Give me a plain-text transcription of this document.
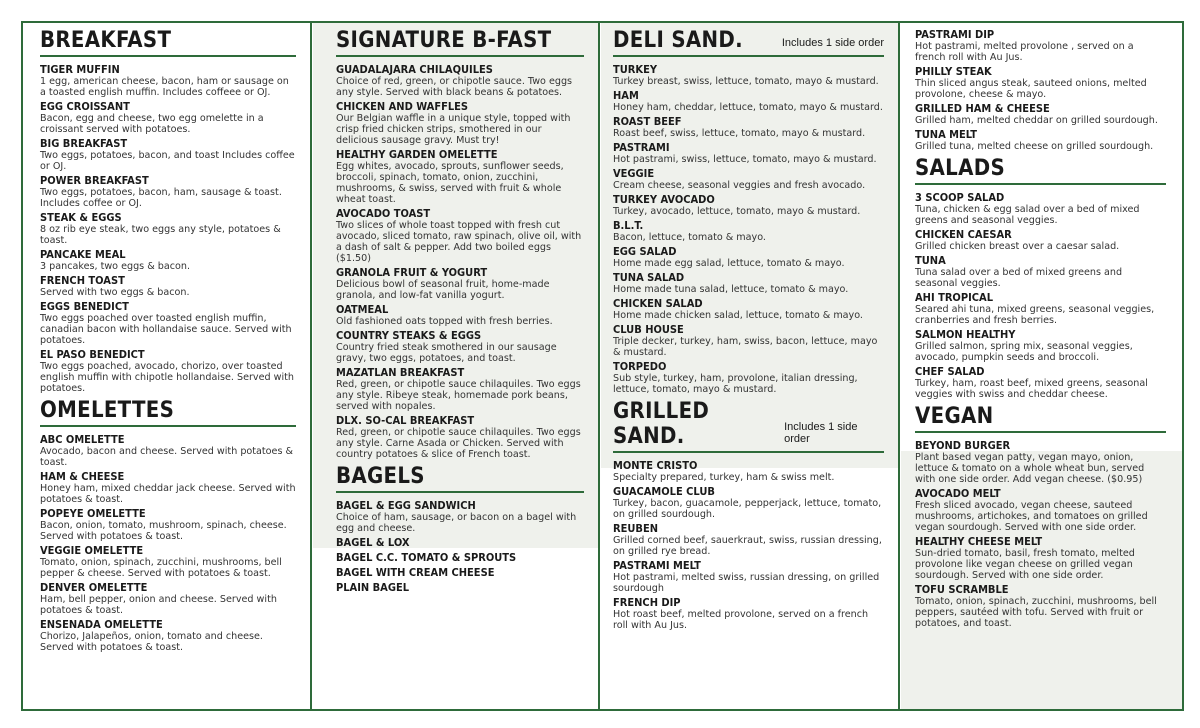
BREAKFAST
TIGER MUFFIN
1 egg, american cheese, bacon, ham or sausage on a toasted english muffin. Includes coffeee or OJ.
EGG CROISSANT
Bacon, egg and cheese, two egg omelette in a croissant served with potatoes.
BIG BREAKFAST
Two eggs, potatoes, bacon, and toast Includes coffee or OJ.
POWER BREAKFAST
Two eggs, potatoes, bacon, ham, sausage & toast. Includes coffee or OJ.
STEAK & EGGS
8 oz rib eye steak, two eggs any style, potatoes & toast.
PANCAKE MEAL
3 pancakes, two eggs & bacon.
FRENCH TOAST
Served with two eggs & bacon.
EGGS BENEDICT
Two eggs poached over toasted english muffin, canadian bacon with hollandaise sauce. Served with potatoes.
EL PASO BENEDICT
Two eggs poached, avocado, chorizo, over toasted english muffin with chipotle hollandaise. Served with potatoes.
OMELETTES
ABC OMELETTE
Avocado, bacon and cheese. Served with potatoes & toast.
HAM & CHEESE
Honey ham, mixed cheddar jack cheese. Served with potatoes & toast.
POPEYE OMELETTE
Bacon, onion, tomato, mushroom, spinach, cheese. Served with potatoes & toast.
VEGGIE OMELETTE
Tomato, onion, spinach, zucchini, mushrooms, bell pepper & cheese. Served with potatoes & toast.
DENVER OMELETTE
Ham, bell pepper, onion and cheese. Served with potatoes & toast.
ENSENADA OMELETTE
Chorizo, Jalapeños, onion, tomato and cheese. Served with potatoes & toast.
SIGNATURE B-FAST
GUADALAJARA CHILAQUILES
Choice of red, green, or chipotle sauce. Two eggs any style. Served with black beans & potatoes.
CHICKEN AND WAFFLES
Our Belgian waffle in a unique style, topped with crisp fried chicken strips, smothered in our delicious sausage gravy. Must try!
HEALTHY GARDEN OMELETTE
Egg whites, avocado, sprouts, sunflower seeds, broccoli, spinach, tomato, onion, zucchini, mushrooms, & swiss, served with fruit & whole wheat toast.
AVOCADO TOAST
Two slices of whole toast topped with fresh cut avocado, sliced tomato, raw spinach, olive oil, with a dash of salt & pepper. Add two boiled eggs ($1.50)
GRANOLA FRUIT & YOGURT
Delicious bowl of seasonal fruit, home-made granola, and low-fat vanilla yogurt.
OATMEAL
Old fashioned oats topped with fresh berries.
COUNTRY STEAKS & EGGS
Country fried steak smothered in our sausage gravy, two eggs, potatoes, and toast.
MAZATLAN BREAKFAST
Red, green, or chipotle sauce chilaquiles. Two eggs any style. Ribeye steak, homemade pork beans, served with nopales.
DLX. SO-CAL BREAKFAST
Red, green, or chipotle sauce chilaquiles. Two eggs any style. Carne Asada or Chicken. Served with country potatoes & slice of French toast.
BAGELS
BAGEL & EGG SANDWICH
Choice of ham, sausage, or bacon on a bagel with egg and cheese.
BAGEL & LOX
BAGEL C.C. TOMATO & SPROUTS
BAGEL WITH CREAM CHEESE
PLAIN BAGEL
DELI SAND.	Includes 1 side order
TURKEY
Turkey breast, swiss, lettuce, tomato, mayo & mustard.
HAM
Honey ham, cheddar, lettuce, tomato, mayo & mustard.
ROAST BEEF
Roast beef, swiss, lettuce, tomato, mayo & mustard.
PASTRAMI
Hot pastrami, swiss, lettuce, tomato, mayo & mustard.
VEGGIE
Cream cheese, seasonal veggies and fresh avocado.
TURKEY AVOCADO
Turkey, avocado, lettuce, tomato, mayo & mustard.
B.L.T.
Bacon, lettuce, tomato & mayo.
EGG SALAD
Home made egg salad, lettuce, tomato & mayo.
TUNA SALAD
Home made tuna salad, lettuce, tomato & mayo.
CHICKEN SALAD
Home made chicken salad, lettuce, tomato & mayo.
CLUB HOUSE
Triple decker, turkey, ham, swiss, bacon, lettuce, mayo & mustard.
TORPEDO
Sub style, turkey, ham, provolone, italian dressing, lettuce, tomato, mayo & mustard.
GRILLED SAND.	Includes 1 side order
MONTE CRISTO
Specialty prepared, turkey, ham & swiss melt.
GUACAMOLE CLUB
Turkey, bacon, guacamole, pepperjack, lettuce, tomato, on grilled sourdough.
REUBEN
Grilled corned beef, sauerkraut, swiss, russian dressing, on grilled rye bread.
PASTRAMI MELT
Hot pastrami, melted swiss, russian dressing, on grilled sourdough
FRENCH DIP
Hot roast beef, melted provolone, served on a french roll with Au Jus.
PASTRAMI DIP
Hot pastrami, melted provolone , served on a french roll with Au Jus.
PHILLY STEAK
Thin sliced angus steak, sauteed onions, melted provolone, cheese & mayo.
GRILLED HAM & CHEESE
Grilled ham, melted cheddar on grilled sourdough.
TUNA MELT
Grilled tuna, melted cheese on grilled sourdough.
SALADS
3 SCOOP SALAD
Tuna, chicken & egg salad over a bed of mixed greens and seasonal veggies.
CHICKEN CAESAR
Grilled chicken breast over a caesar salad.
TUNA
Tuna salad over a bed of mixed greens and seasonal veggies.
AHI TROPICAL
Seared ahi tuna, mixed greens, seasonal veggies, cranberries and fresh berries.
SALMON HEALTHY
Grilled salmon, spring mix, seasonal veggies, avocado, pumpkin seeds and broccoli.
CHEF SALAD
Turkey, ham, roast beef, mixed greens, seasonal veggies with swiss and cheddar cheese.
VEGAN
BEYOND BURGER
Plant based vegan patty, vegan mayo, onion, lettuce & tomato on a whole wheat bun, served with one side order. Add vegan cheese. ($0.95)
AVOCADO MELT
Fresh sliced avocado, vegan cheese, sauteed mushrooms, artichokes, and tomatoes on grilled vegan sourdough. Served with one side order.
HEALTHY CHEESE MELT
Sun-dried tomato, basil, fresh tomato, melted provolone like vegan cheese on grilled vegan sourdough. Served with one side order.
TOFU SCRAMBLE
Tomato, onion, spinach, zucchini, mushrooms, bell peppers, sautéed with tofu. Served with fruit or potatoes, and toast.
